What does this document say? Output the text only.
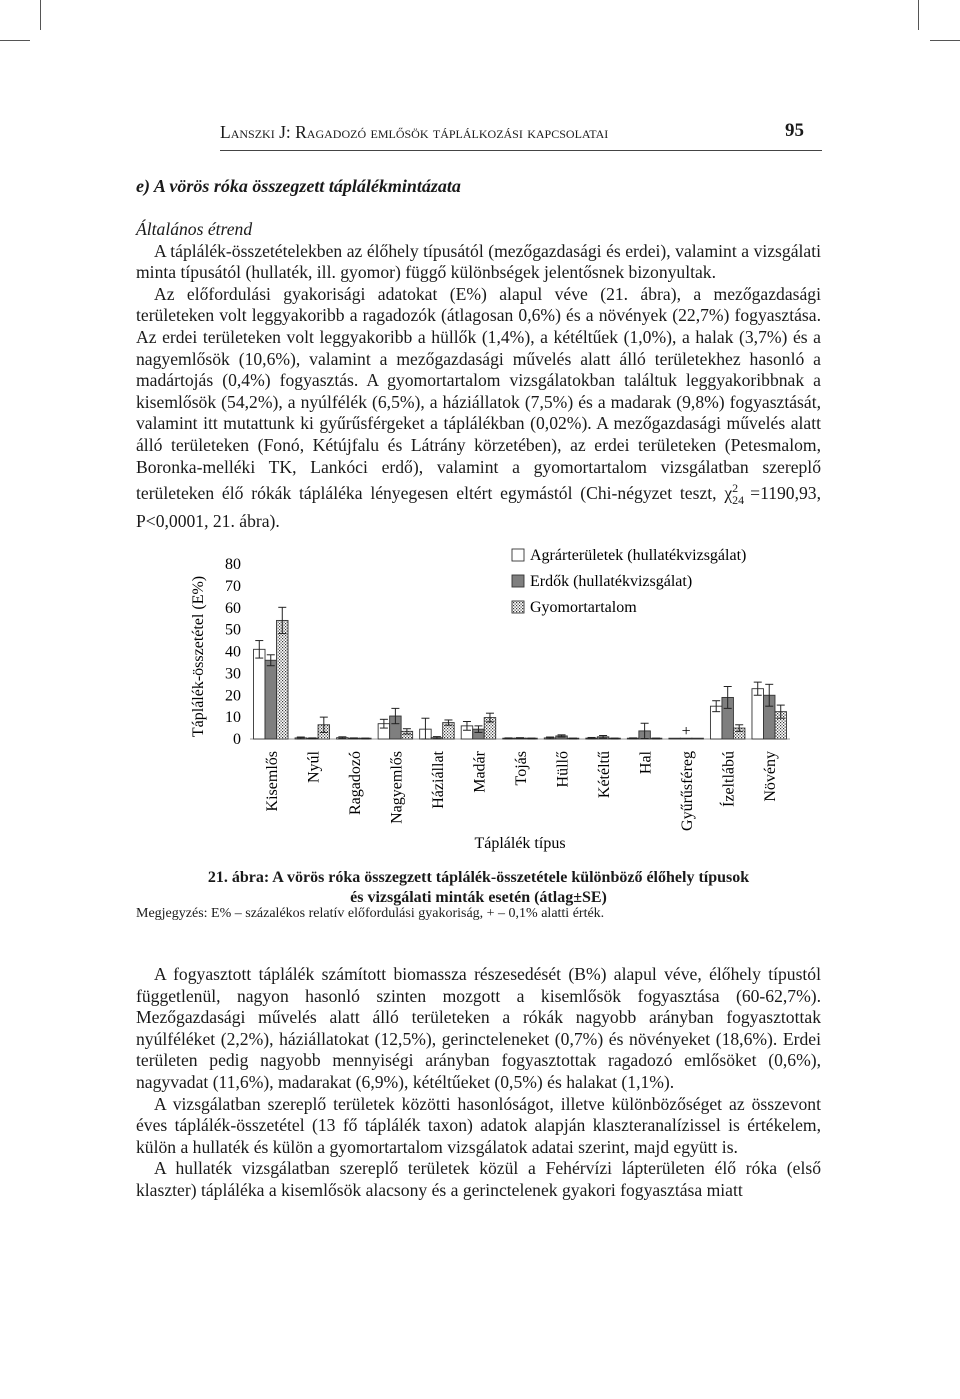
Lanszki J: Ragadozó emlősök táplálkozási kapcsolatai	95
e) A vörös róka összegzett táplálékmintázata

Általános étrend

A táplálék-összetételekben az élőhely típusától (mezőgazdasági és erdei), valamint a vizsgálati minta típusától (hullaték, ill. gyomor) függő különbségek jelentősnek bizonyultak.

Az előfordulási gyakorisági adatokat (E%) alapul véve (21. ábra), a mezőgazdasági területeken volt leggyakoribb a ragadozók (átlagosan 0,6%) és a növények (22,7%) fogyasztása. Az erdei területeken volt leggyakoribb a hüllők (1,4%), a kétéltűek (1,0%), a halak (3,7%) és a nagyemlősök (10,6%), valamint a mezőgazdasági művelés alatt álló területekhez hasonló a madártojás (0,4%) fogyasztás. A gyomortartalom vizsgálatokban találtuk leggyakoribbnak a kisemlősök (54,2%), a nyúlfélék (6,5%), a háziállatok (7,5%) és a madarak (9,8%) fogyasztását, valamint itt mutattunk ki gyűrűsférgeket a táplálékban (0,02%). A mezőgazdasági művelés alatt álló területeken (Fonó, Kétújfalu és Látrány körzetében), az erdei területeken (Petesmalom, Boronka-melléki TK, Lankóci erdő), valamint a gyomortartalom vizsgálatban szereplő területeken élő rókák tápláléka lényegesen eltért egymástól (Chi-négyzet teszt, $\chi^2_{24} =1190,93$, P<0,0001, 21. ábra).

Táplálék-összetétel (E%)
80
70
60
50
40
30
20
10
0
Kisemlős Nyúl Ragadozó Nagyemlős Háziállat Madár Tojás Hüllő Kétéltű Hal Gyűrűsféreg Ízeltlábú Növény
+
Táplálék típus
Agrárterületek (hullatékvizsgálat)
Erdők (hullatékvizsgálat)
Gyomortartalom
21. ábra: A vörös róka összegzett táplálék-összetétele különböző élőhely típusok
és vizsgálati minták esetén (átlag±SE)
Megjegyzés: E% – százalékos relatív előfordulási gyakoriság, + – 0,1% alatti érték.

A fogyasztott táplálék számított biomassza részesedését (B%) alapul véve, élőhely típustól függetlenül, nagyon hasonló szinten mozgott a kisemlősök fogyasztása (60-62,7%). Mezőgazdasági művelés alatt álló területeken a rókák nagyobb arányban fogyasztottak nyúlféléket (2,2%), háziállatokat (12,5%), gerincteleneket (0,7%) és növényeket (18,6%). Erdei területen pedig nagyobb mennyiségi arányban fogyasztottak ragadozó emlősöket (0,6%), nagyvadat (11,6%), madarakat (6,9%), kétéltűeket (0,5%) és halakat (1,1%).

A vizsgálatban szereplő területek közötti hasonlóságot, illetve különbözőséget az összevont éves táplálék-összetétel (13 fő táplálék taxon) adatok alapján klaszteranalízissel is értékelem, külön a hullaték és külön a gyomortartalom vizsgálatok adatai szerint, majd együtt is.

A hullaték vizsgálatban szereplő területek közül a Fehérvízi lápterületen élő róka (első klaszter) tápláléka a kisemlősök alacsony és a gerinctelenek gyakori fogyasztása miatt
